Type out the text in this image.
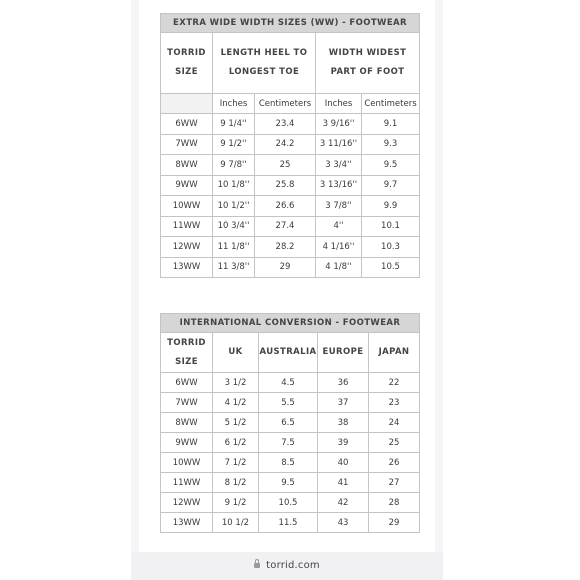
EXTRA WIDE WIDTH SIZES (WW) - FOOTWEAR				
TORRID SIZE	LENGTH HEEL TO LONGEST TOE		WIDTH WIDEST PART OF FOOT	
	Inches	Centimeters	Inches	Centimeters
6WW	9 1/4''	23.4	3 9/16''	9.1
7WW	9 1/2''	24.2	3 11/16''	9.3
8WW	9 7/8''	25	3 3/4''	9.5
9WW	10 1/8''	25.8	3 13/16''	9.7
10WW	10 1/2''	26.6	3 7/8''	9.9
11WW	10 3/4''	27.4	4''	10.1
12WW	11 1/8''	28.2	4 1/16''	10.3
13WW	11 3/8''	29	4 1/8''	10.5
INTERNATIONAL CONVERSION - FOOTWEAR				
TORRID SIZE	UK	AUSTRALIA	EUROPE	JAPAN
6WW	3 1/2	4.5	36	22
7WW	4 1/2	5.5	37	23
8WW	5 1/2	6.5	38	24
9WW	6 1/2	7.5	39	25
10WW	7 1/2	8.5	40	26
11WW	8 1/2	9.5	41	27
12WW	9 1/2	10.5	42	28
13WW	10 1/2	11.5	43	29
torrid.com
